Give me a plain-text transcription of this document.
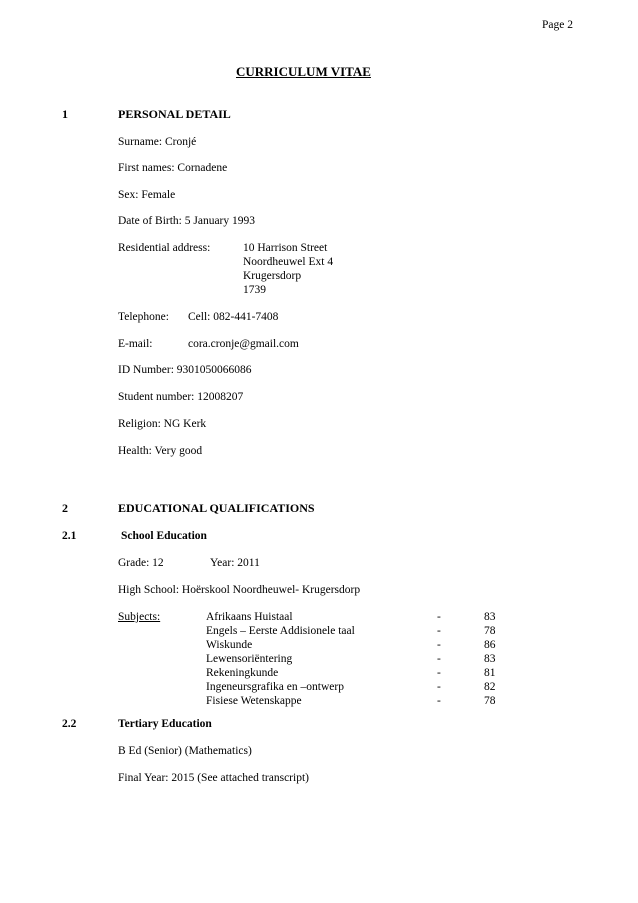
Page 2
CURRICULUM VITAE
1	PERSONAL DETAIL
Surname: Cronjé
First names: Cornadene
Sex: Female
Date of Birth: 5 January 1993
Residential address:	10 Harrison Street
Noordheuwel Ext 4
Krugersdorp
1739
Telephone: Cell: 082-441-7408
E-mail:	cora.cronje@gmail.com
ID Number: 9301050066086
Student number: 12008207
Religion: NG Kerk
Health: Very good
2	EDUCATIONAL QUALIFICATIONS
2.1	School Education
Grade: 12	Year: 2011
High School: Hoërskool Noordheuwel- Krugersdorp
Subjects:	Afrikaans Huistaal	-	83
Engels – Eerste Addisionele taal	-	78
Wiskunde	-	86
Lewensoriëntering	-	83
Rekeningkunde	-	81
Ingeneursgrafika en –ontwerp	-	82
Fisiese Wetenskappe	-	78
2.2	Tertiary Education
B Ed (Senior) (Mathematics)
Final Year: 2015 (See attached transcript)
